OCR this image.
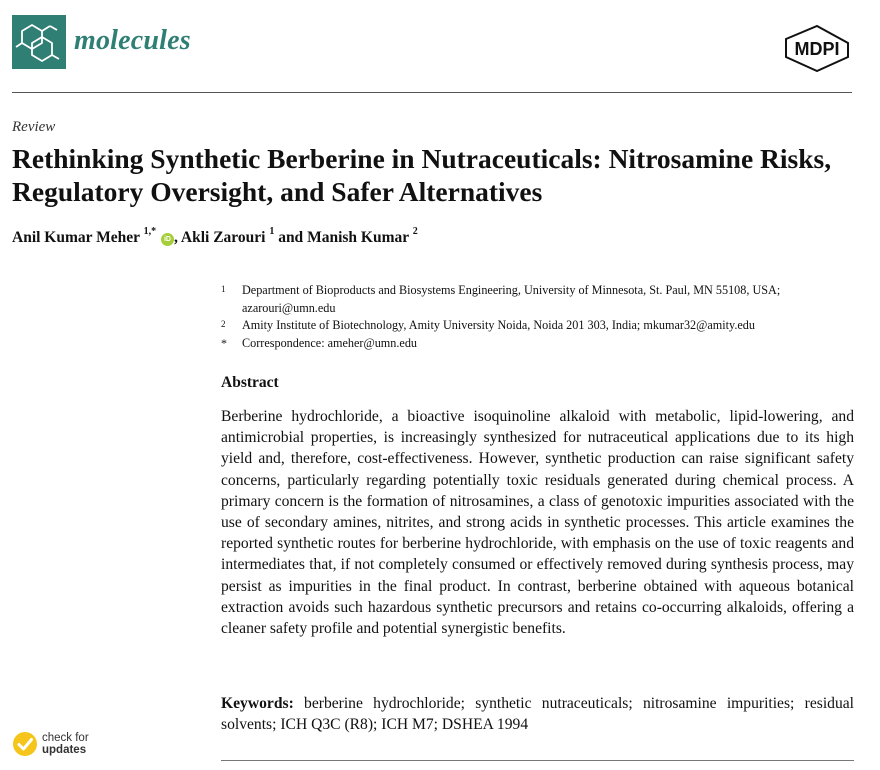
molecules	MDPI
Review
Rethinking Synthetic Berberine in Nutraceuticals: Nitrosamine Risks, Regulatory Oversight, and Safer Alternatives
Anil Kumar Meher $^{1,*}$ iD , Akli Zarouri $^1$ and Manish Kumar $^2$
1	Department of Bioproducts and Biosystems Engineering, University of Minnesota, St. Paul, MN 55108, USA; azarouri@umn.edu
2	Amity Institute of Biotechnology, Amity University Noida, Noida 201 303, India; mkumar32@amity.edu
*	Correspondence: ameher@umn.edu
Abstract

Berberine hydrochloride, a bioactive isoquinoline alkaloid with metabolic, lipid-lowering, and antimicrobial properties, is increasingly synthesized for nutraceutical applications due to its high yield and, therefore, cost-effectiveness. However, synthetic production can raise significant safety concerns, particularly regarding potentially toxic residuals generated during chemical process. A primary concern is the formation of nitrosamines, a class of genotoxic impurities associated with the use of secondary amines, nitrites, and strong acids in synthetic processes. This article examines the reported synthetic routes for berberine hydrochloride, with emphasis on the use of toxic reagents and intermediates that, if not completely consumed or effectively removed during synthesis process, may persist as impurities in the final product. In contrast, berberine obtained with aqueous botanical extraction avoids such hazardous synthetic precursors and retains co-occurring alkaloids, offering a cleaner safety profile and potential synergistic benefits.

Keywords: berberine hydrochloride; synthetic nutraceuticals; nitrosamine impurities; residual solvents; ICH Q3C (R8); ICH M7; DSHEA 1994

check for
updates
